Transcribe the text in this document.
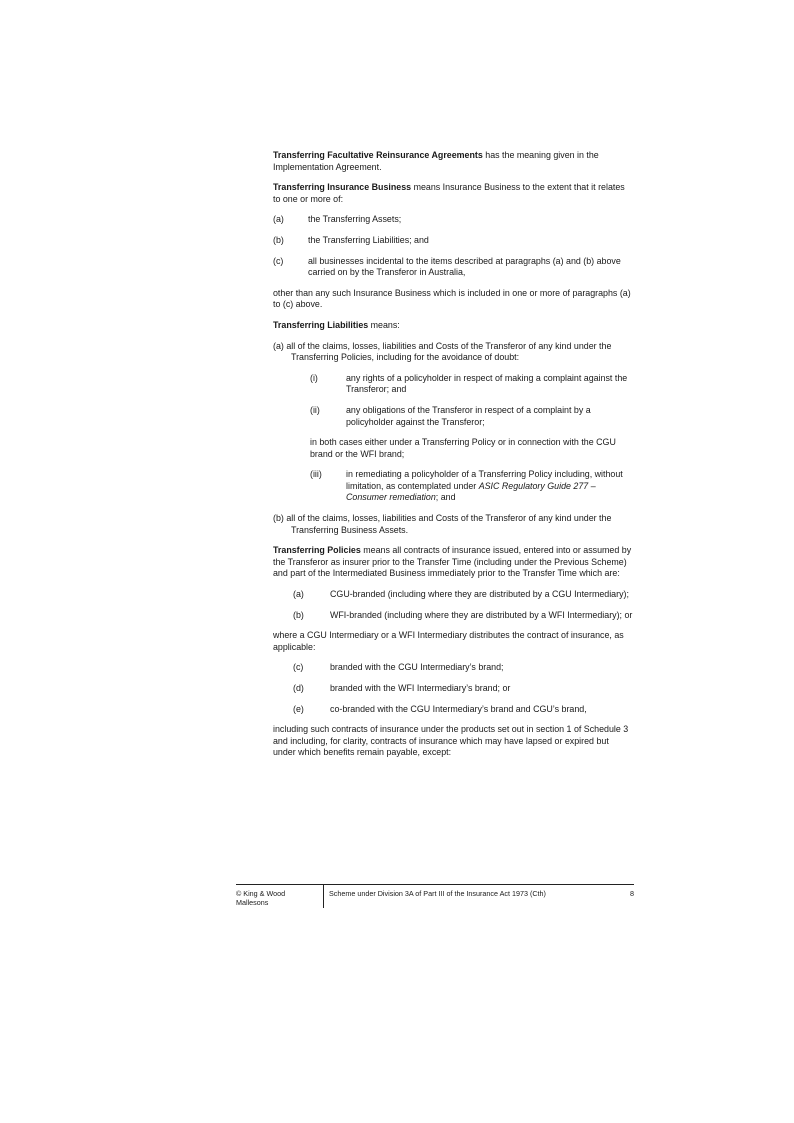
Transferring Facultative Reinsurance Agreements has the meaning given in the Implementation Agreement.

Transferring Insurance Business means Insurance Business to the extent that it relates to one or more of:

(a)	the Transferring Assets;
(b)	the Transferring Liabilities; and
(c)	all businesses incidental to the items described at paragraphs (a) and (b) above carried on by the Transferor in Australia,

other than any such Insurance Business which is included in one or more of paragraphs (a) to (c) above.

Transferring Liabilities means:

(a) all of the claims, losses, liabilities and Costs of the Transferor of any kind under the Transferring Policies, including for the avoidance of doubt:

(i)	any rights of a policyholder in respect of making a complaint against the Transferor; and
(ii)	any obligations of the Transferor in respect of a complaint by a policyholder against the Transferor;

in both cases either under a Transferring Policy or in connection with the CGU brand or the WFI brand;

(iii)	in remediating a policyholder of a Transferring Policy including, without limitation, as contemplated under ASIC Regulatory Guide 277 – Consumer remediation; and

(b) all of the claims, losses, liabilities and Costs of the Transferor of any kind under the Transferring Business Assets.

Transferring Policies means all contracts of insurance issued, entered into or assumed by the Transferor as insurer prior to the Transfer Time (including under the Previous Scheme) and part of the Intermediated Business immediately prior to the Transfer Time which are:

(a)	CGU-branded (including where they are distributed by a CGU Intermediary);
(b)	WFI-branded (including where they are distributed by a WFI Intermediary); or

where a CGU Intermediary or a WFI Intermediary distributes the contract of insurance, as applicable:

(c)	branded with the CGU Intermediary’s brand;
(d)	branded with the WFI Intermediary’s brand; or
(e)	co-branded with the CGU Intermediary’s brand and CGU’s brand,

including such contracts of insurance under the products set out in section 1 of Schedule 3 and including, for clarity, contracts of insurance which may have lapsed or expired but under which benefits remain payable, except:

© King & Wood Mallesons
Scheme under Division 3A of Part III of the Insurance Act 1973 (Cth)	8
